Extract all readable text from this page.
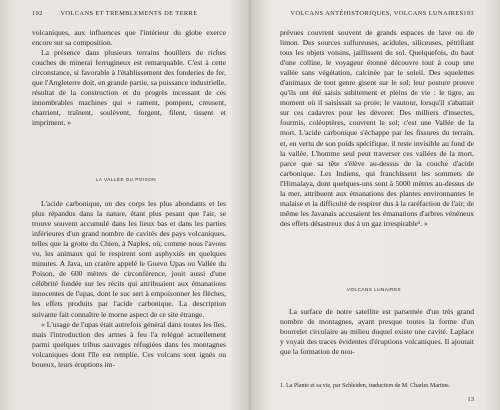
192	VOLCANS ET TREMBLEMENTS DE TERRE

volcaniques, aux influences que l'intérieur du globe exerce encore sur sa composition.

La présence dans plusieurs terrains houillers de riches couches de minerai ferrugineux est remarquable. C'est à cette circonstance, si favorable à l'établissement des fonderies de fer, que l'Angleterre doit, en grande partie, sa puissance industrielle, résultat de la construction et du progrès incessant de ces innombrables machines qui « rament, pompent, creusent, charrient, traînent, soulèvent, forgent, filent, tissent et impriment. »

LA VALLÉE DU POISON

L'acide carbonique, un des corps les plus abondants et les plus répandus dans la nature, étant plus pesant que l'air, se trouve souvent accumulé dans les lieux bas et dans les parties inférieures d'un grand nombre de cavités des pays volcaniques, telles que la grotte du Chien, à Naples, où, comme nous l'avons vu, les animaux qui le respirent sont asphyxiés en quelques minutes. A Java, un cratère appelé le Guevo Upas ou Vallée du Poison, de 600 mètres de circonférence, jouit aussi d'une célébrité fondée sur les récits qui attribuaient aux émanations innocentes de l'upas, dont le suc sert à empoisonner les flèches, les effets produits par l'acide carbonique. La description suivante fait connaître le morne aspect de ce site étrange.

« L'usage de l'upas était autrefois général dans toutes les îles, mais l'introduction des armes à feu l'a relégué actuellement parmi quelques tribus sauvages réfugiées dans les montagnes volcaniques dont l'île est remplie. Ces volcans sont ignés ou boueux, leurs éruptions im-

VOLCANS ANTÉHISTORIQUES, VOLCANS LUNAIRES 193

prévues couvrent souvent de grands espaces de lave ou de limon. Des sources sulfureuses, acidules, siliceuses, pétrifiant tous les objets voisins, jaillissent du sol. Quelquefois, du haut d'une colline, le voyageur étonné découvre tout à coup une vallée sans végétation, calcinée par le soleil. Des squelettes d'animaux de tout genre gisent sur le sol; leur posture prouve qu'ils ont été saisis subitement et pleins de vie : le tigre, au moment où il saisissait sa proie; le vautour, lorsqu'il s'abattait sur ces cadavres pour les dévorer. Des milliers d'insectes, fourmis, coléoptères, couvrent le sol; c'est une Vallée de la mort. L'acide carbonique s'échappe par les fissures du terrain, et, en vertu de son poids spécifique, il reste invisible au fond de la vallée. L'homme seul peut traverser ces vallées de la mort, parce que sa tête s'élève au-dessus de la couche d'acide carbonique. Les Indiens, qui franchissent les sommets de l'Himalaya, dont quelques-uns sont à 5000 mètres au-dessus de la mer, attribuent aux émanations des plantes environnantes le malaise et la difficulté de respirer dus à la raréfaction de l'air; de même les Javanais accusaient les émanations d'arbres vénéneux des effets désastreux dus à un gaz irrespirable¹. »

VOLCANS LUNAIRES

La surface de notre satellite est parsemée d'un très grand nombre de montagnes, ayant presque toutes la forme d'un bourrelet circulaire au milieu duquel existe une cavité. Laplace y voyait des traces évidentes d'éruptions volcaniques. Il ajoutait que la formation de nou-

1. La Plante et sa vie, par Schleiden, traduction de M. Charles Martins.
13
